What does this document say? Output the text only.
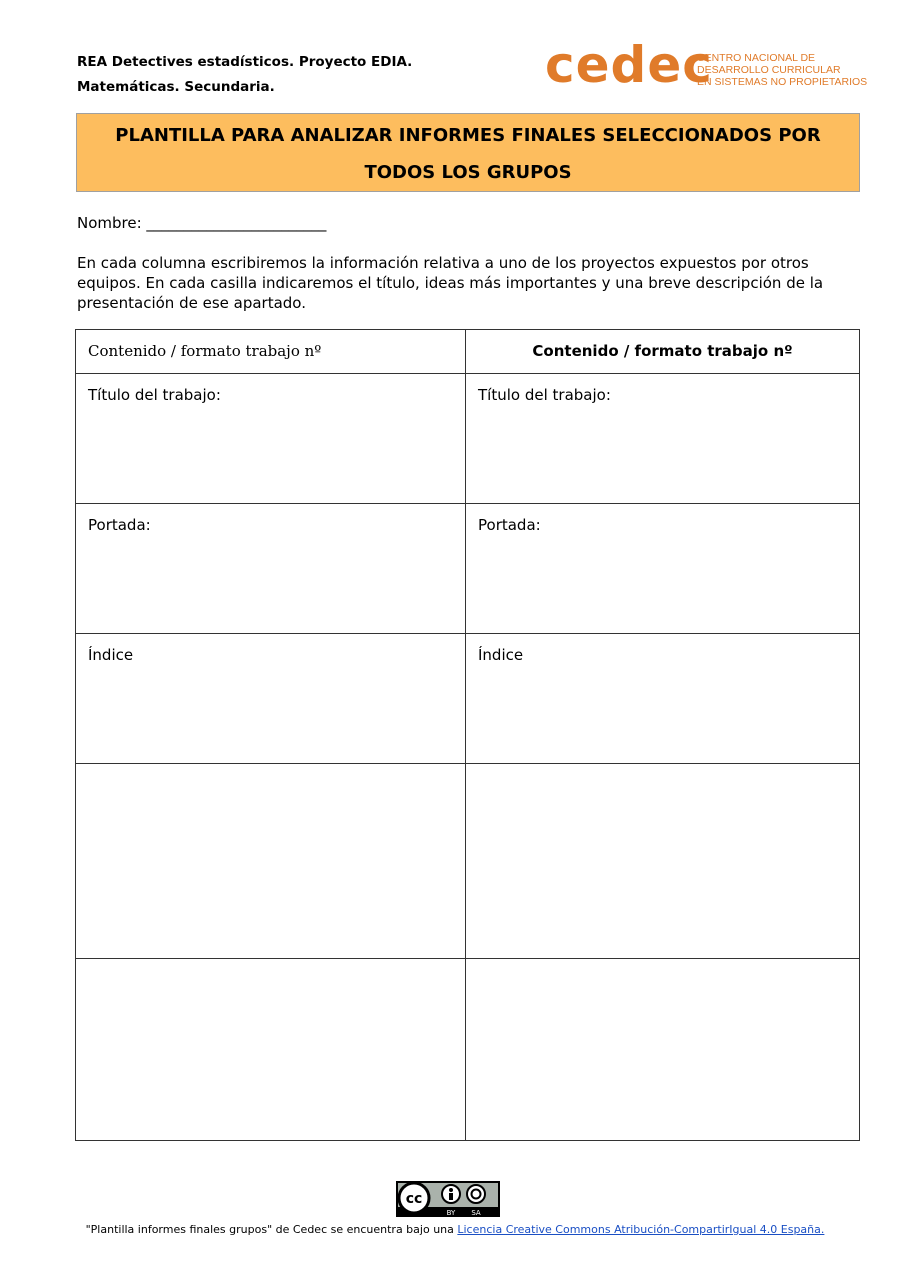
REA Detectives estadísticos. Proyecto EDIA.
Matemáticas. Secundaria.	cedec
CENTRO NACIONAL DE
DESARROLLO CURRICULAR
EN SISTEMAS NO PROPIETARIOS
PLANTILLA PARA ANALIZAR INFORMES FINALES SELECCIONADOS POR
TODOS LOS GRUPOS
Nombre: ________________________
En cada columna escribiremos la información relativa a uno de los proyectos expuestos por otros equipos. En cada casilla indicaremos el título, ideas más importantes y una breve descripción de la presentación de ese apartado.
Contenido / formato trabajo nº	Contenido / formato trabajo nº
Título del trabajo:	Título del trabajo:
Portada:	Portada:
Índice	Índice

cc
BY SA
"Plantilla informes finales grupos" de Cedec se encuentra bajo una Licencia Creative Commons Atribución-CompartirIgual 4.0 España.
